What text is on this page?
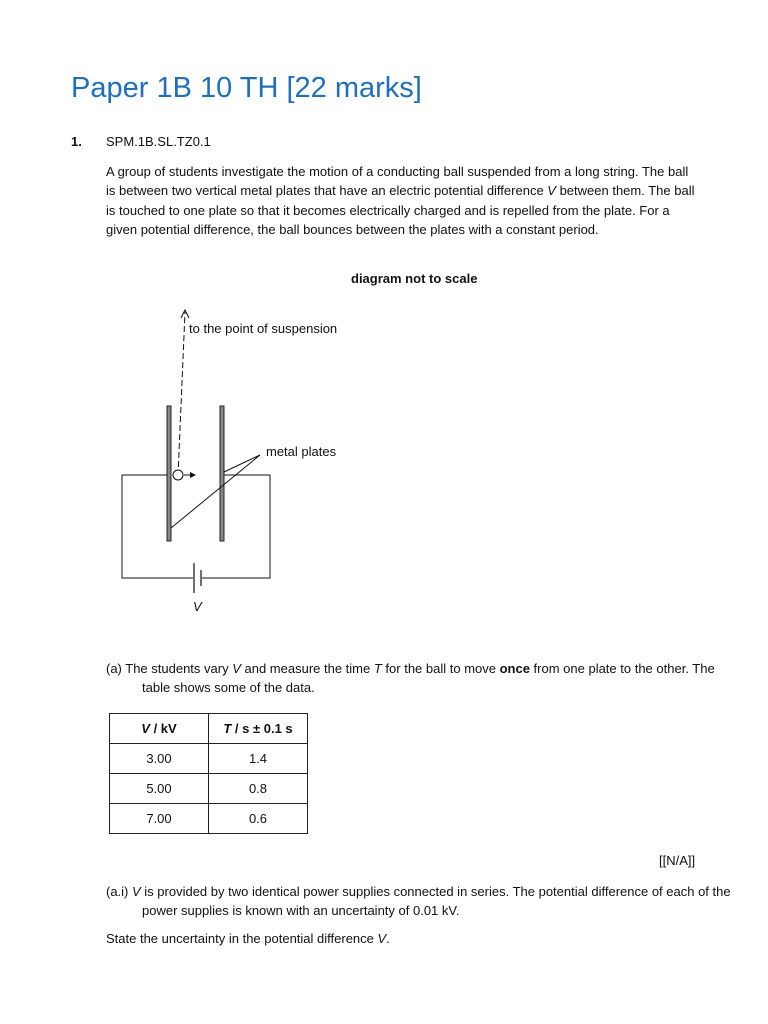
Paper 1B 10 TH [22 marks]
1. SPM.1B.SL.TZ0.1
A group of students investigate the motion of a conducting ball suspended from a long string. The ball is between two vertical metal plates that have an electric potential difference V between them. The ball is touched to one plate so that it becomes electrically charged and is repelled from the plate. For a given potential difference, the ball bounces between the plates with a constant period.
diagram not to scale
to the point of suspension
metal plates
V
(a) The students vary V and measure the time T for the ball to move once from one plate to the other. The table shows some of the data.
V / kV	T / s ± 0.1 s
3.00	1.4
5.00	0.8
7.00	0.6
[[N/A]]
(a.i) V is provided by two identical power supplies connected in series. The potential difference of each of the power supplies is known with an uncertainty of 0.01 kV.
State the uncertainty in the potential difference V.
